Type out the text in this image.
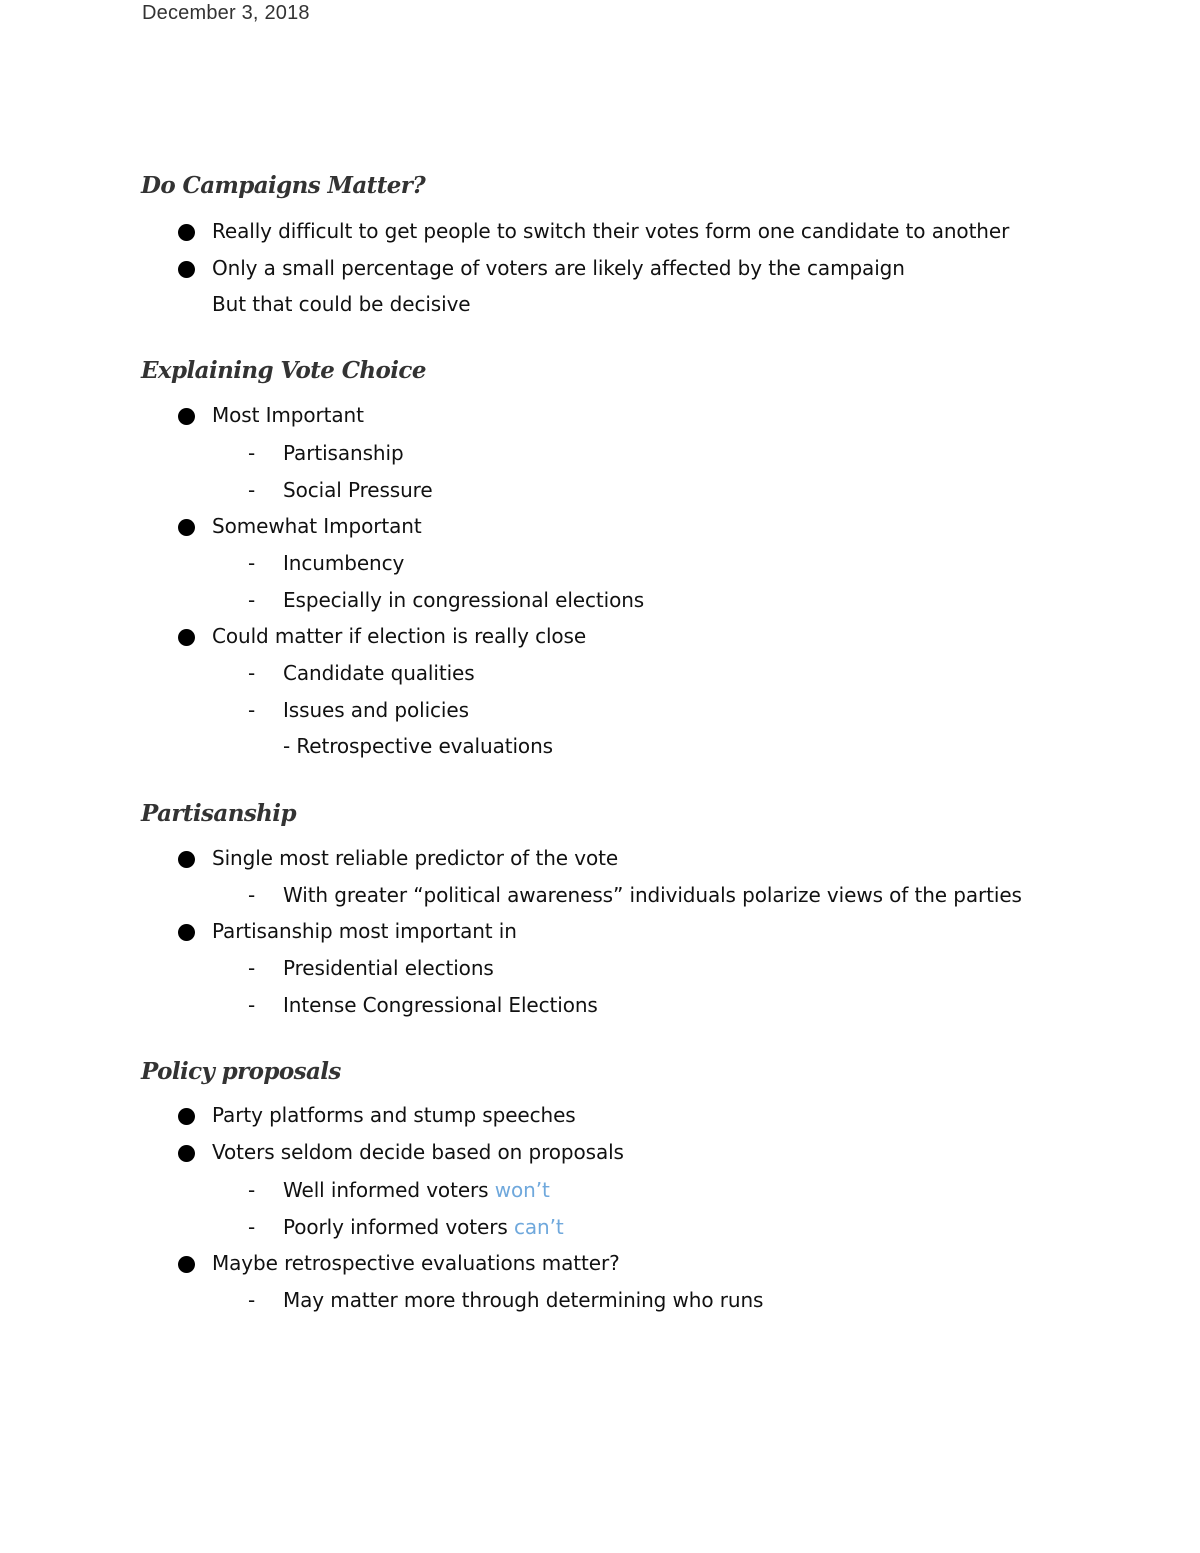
December 3, 2018
Do Campaigns Matter?
Really difficult to get people to switch their votes form one candidate to another
Only a small percentage of voters are likely affected by the campaign
But that could be decisive
Explaining Vote Choice
Most Important
- Partisanship
- Social Pressure
Somewhat Important
- Incumbency
- Especially in congressional elections
Could matter if election is really close
- Candidate qualities
- Issues and policies
- Retrospective evaluations
Partisanship
Single most reliable predictor of the vote
- With greater “political awareness” individuals polarize views of the parties
Partisanship most important in
- Presidential elections
- Intense Congressional Elections
Policy proposals
Party platforms and stump speeches
Voters seldom decide based on proposals
- Well informed voters won’t
- Poorly informed voters can’t
Maybe retrospective evaluations matter?
- May matter more through determining who runs
